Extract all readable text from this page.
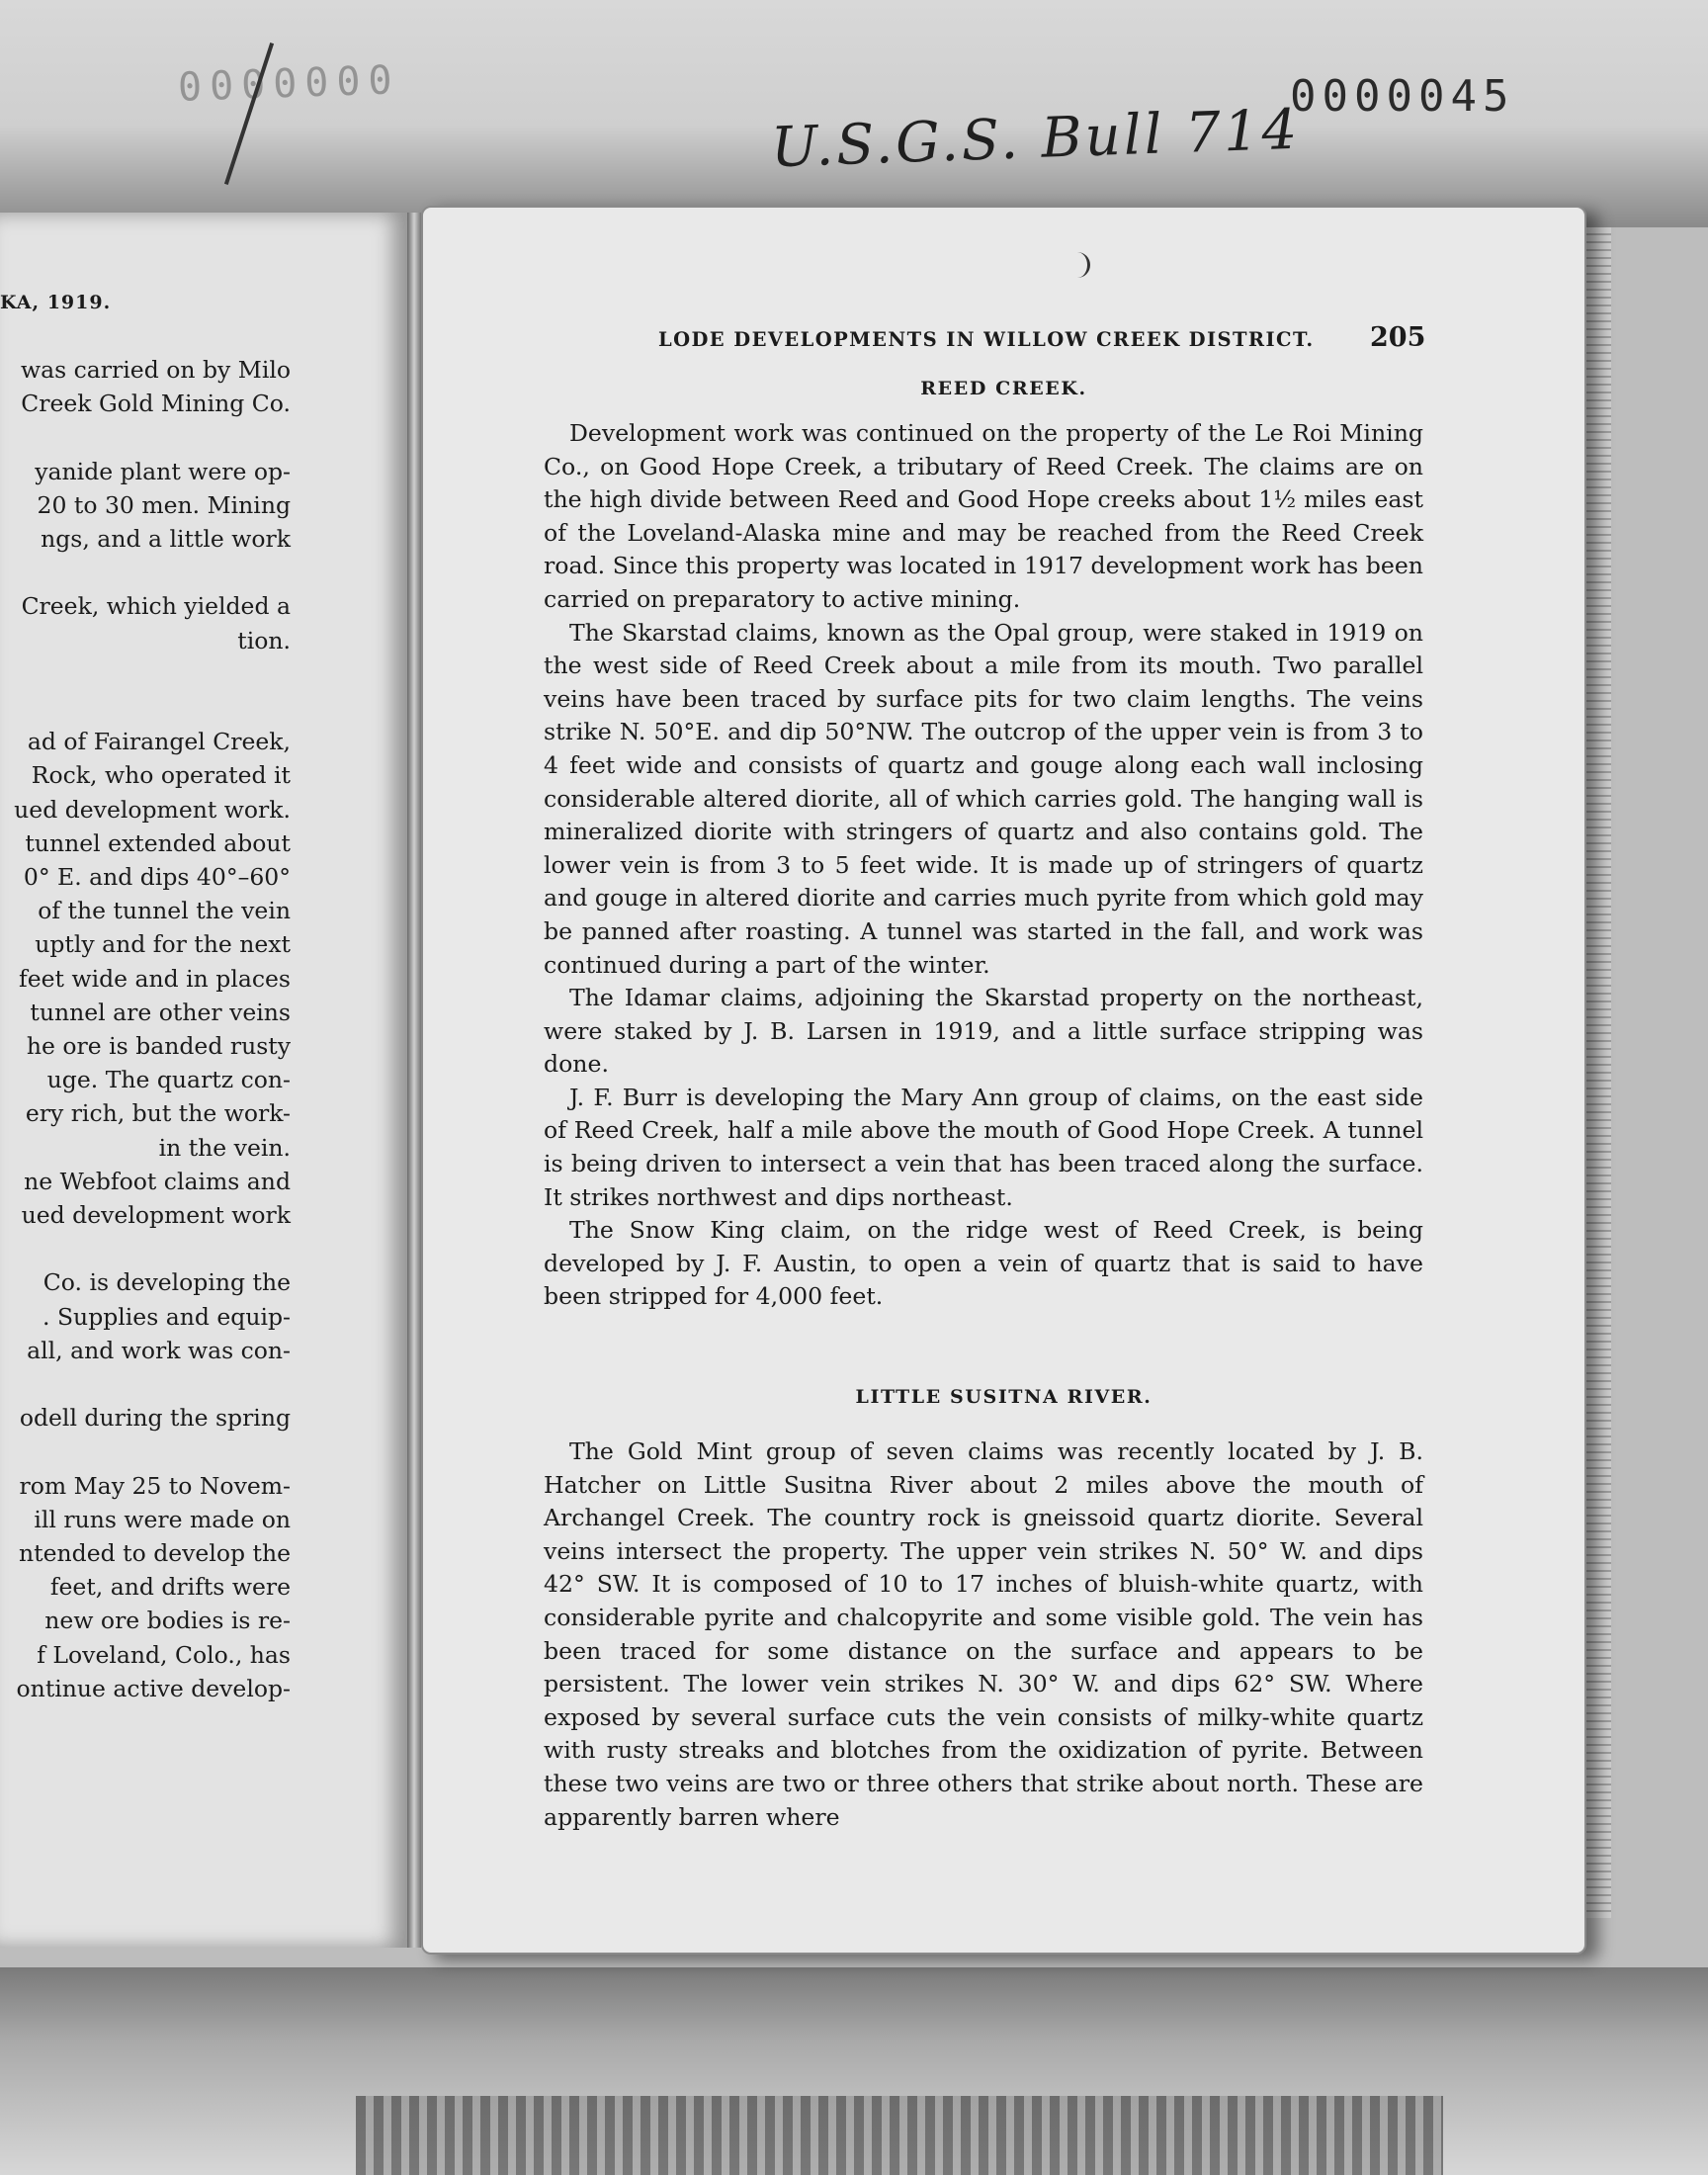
0000000	0000045
U.S.G.S. Bull 714
KA, 1919.
was carried on by Milo
Creek Gold Mining Co.
yanide plant were op-
20 to 30 men. Mining
ngs, and a little work
Creek, which yielded a
tion.
ad of Fairangel Creek,
Rock, who operated it
ued development work.
tunnel extended about
0° E. and dips 40°–60°
of the tunnel the vein
uptly and for the next
feet wide and in places
tunnel are other veins
he ore is banded rusty
uge. The quartz con-
ery rich, but the work-
in the vein.
ne Webfoot claims and
ued development work
Co. is developing the
. Supplies and equip-
all, and work was con-
odell during the spring
rom May 25 to Novem-
ill runs were made on
ntended to develop the
feet, and drifts were
new ore bodies is re-
f Loveland, Colo., has
ontinue active develop-
LODE DEVELOPMENTS IN WILLOW CREEK DISTRICT. 205
REED CREEK.

Development work was continued on the property of the Le Roi Mining Co., on Good Hope Creek, a tributary of Reed Creek. The claims are on the high divide between Reed and Good Hope creeks about 1½ miles east of the Loveland-Alaska mine and may be reached from the Reed Creek road. Since this property was located in 1917 development work has been carried on preparatory to active mining.

The Skarstad claims, known as the Opal group, were staked in 1919 on the west side of Reed Creek about a mile from its mouth. Two parallel veins have been traced by surface pits for two claim lengths. The veins strike N. 50°E. and dip 50°NW. The outcrop of the upper vein is from 3 to 4 feet wide and consists of quartz and gouge along each wall inclosing considerable altered diorite, all of which carries gold. The hanging wall is mineralized diorite with stringers of quartz and also contains gold. The lower vein is from 3 to 5 feet wide. It is made up of stringers of quartz and gouge in altered diorite and carries much pyrite from which gold may be panned after roasting. A tunnel was started in the fall, and work was continued during a part of the winter.

The Idamar claims, adjoining the Skarstad property on the northeast, were staked by J. B. Larsen in 1919, and a little surface stripping was done.

J. F. Burr is developing the Mary Ann group of claims, on the east side of Reed Creek, half a mile above the mouth of Good Hope Creek. A tunnel is being driven to intersect a vein that has been traced along the surface. It strikes northwest and dips northeast.

The Snow King claim, on the ridge west of Reed Creek, is being developed by J. F. Austin, to open a vein of quartz that is said to have been stripped for 4,000 feet.

LITTLE SUSITNA RIVER.

The Gold Mint group of seven claims was recently located by J. B. Hatcher on Little Susitna River about 2 miles above the mouth of Archangel Creek. The country rock is gneissoid quartz diorite. Several veins intersect the property. The upper vein strikes N. 50° W. and dips 42° SW. It is composed of 10 to 17 inches of bluish-white quartz, with considerable pyrite and chalcopyrite and some visible gold. The vein has been traced for some distance on the surface and appears to be persistent. The lower vein strikes N. 30° W. and dips 62° SW. Where exposed by several surface cuts the vein consists of milky-white quartz with rusty streaks and blotches from the oxidization of pyrite. Between these two veins are two or three others that strike about north. These are apparently barren where
